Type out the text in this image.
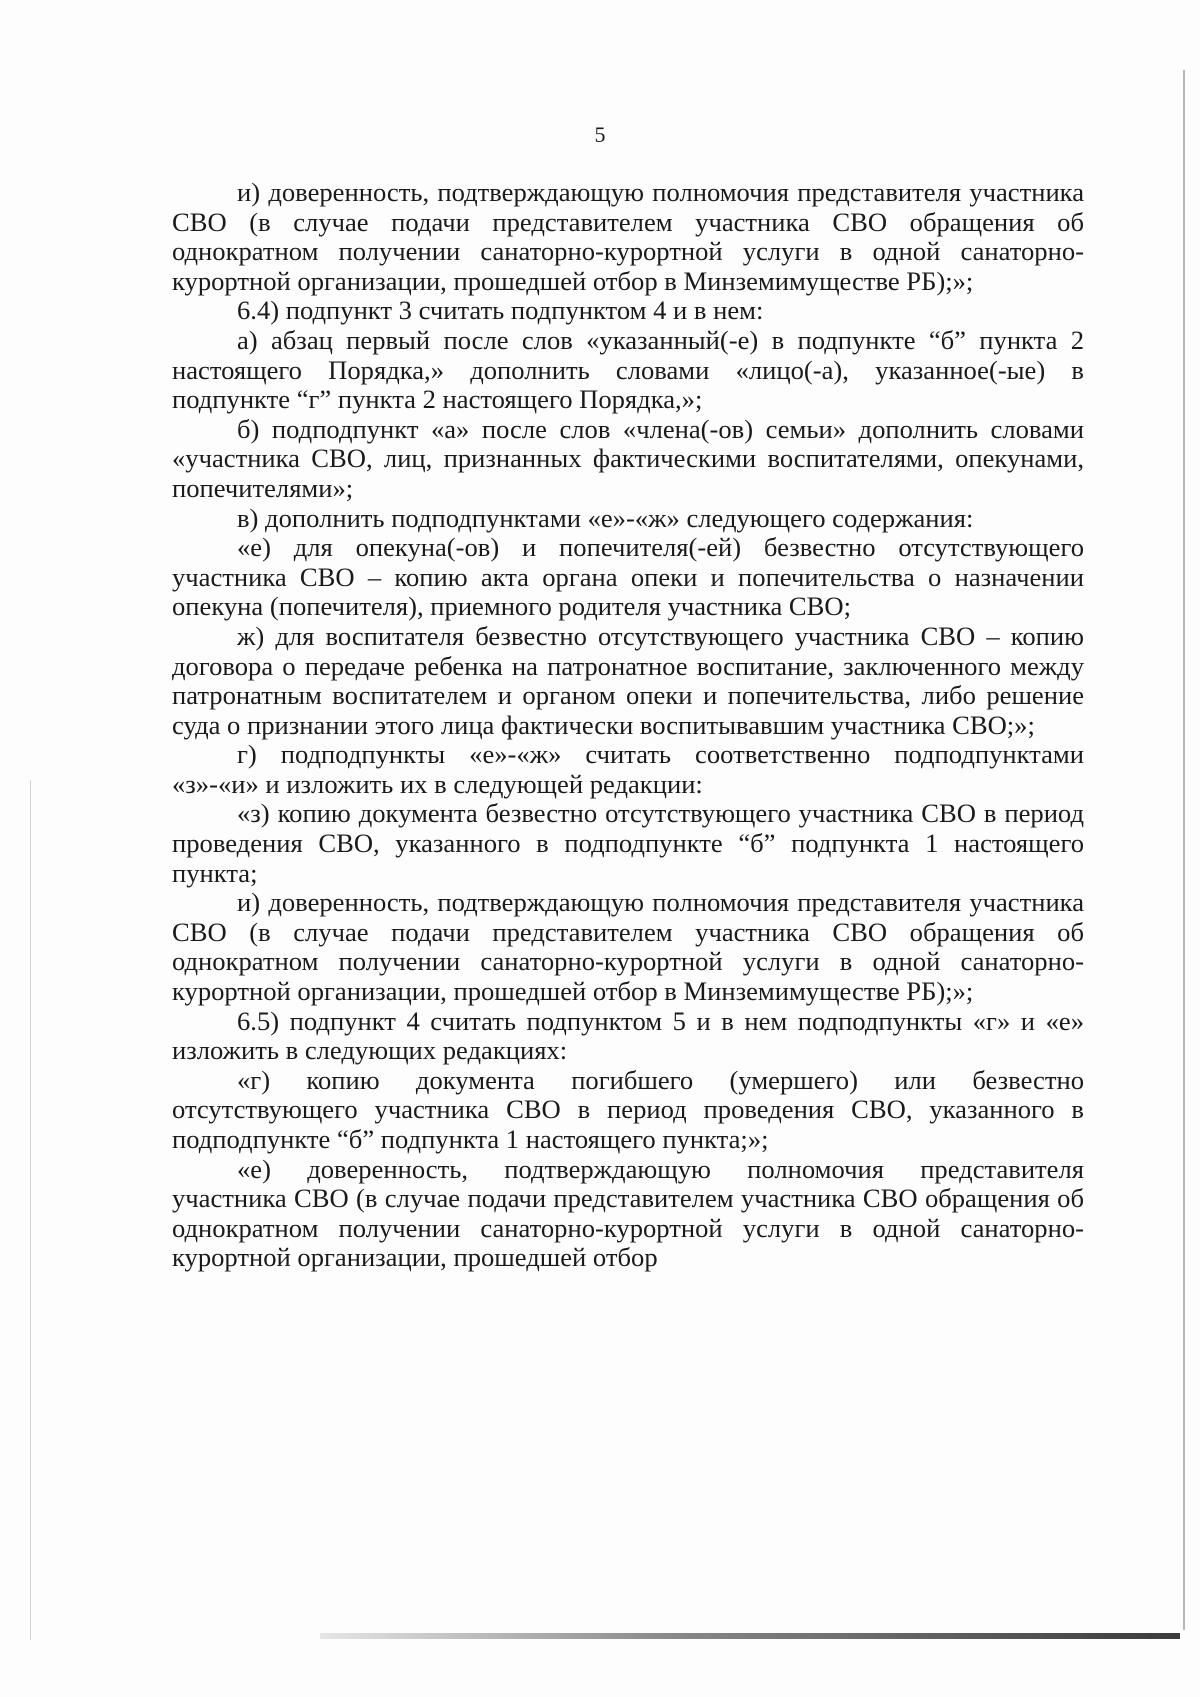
5

и) доверенность, подтверждающую полномочия представителя участника СВО (в случае подачи представителем участника СВО обращения об однократном получении санаторно-курортной услуги в одной санаторно-курортной организации, прошедшей отбор в Минземимуществе РБ);»;

6.4) подпункт 3 считать подпунктом 4 и в нем:

а) абзац первый после слов «указанный(-е) в подпункте “б” пункта 2 настоящего Порядка,» дополнить словами «лицо(-а), указанное(-ые) в подпункте “г” пункта 2 настоящего Порядка,»;

б) подподпункт «а» после слов «члена(-ов) семьи» дополнить словами «участника СВО, лиц, признанных фактическими воспитателями, опекунами, попечителями»;

в) дополнить подподпунктами «е»-«ж» следующего содержания:

«е) для опекуна(-ов) и попечителя(-ей) безвестно отсутствующего участника СВО – копию акта органа опеки и попечительства о назначении опекуна (попечителя), приемного родителя участника СВО;

ж) для воспитателя безвестно отсутствующего участника СВО – копию договора о передаче ребенка на патронатное воспитание, заключенного между патронатным воспитателем и органом опеки и попечительства, либо решение суда о признании этого лица фактически воспитывавшим участника СВО;»;

г) подподпункты «е»-«ж» считать соответственно подподпунктами «з»-«и» и изложить их в следующей редакции:

«з) копию документа безвестно отсутствующего участника СВО в период проведения СВО, указанного в подподпункте “б” подпункта 1 настоящего пункта;

и) доверенность, подтверждающую полномочия представителя участника СВО (в случае подачи представителем участника СВО обращения об однократном получении санаторно-курортной услуги в одной санаторно-курортной организации, прошедшей отбор в Минземимуществе РБ);»;

6.5) подпункт 4 считать подпунктом 5 и в нем подподпункты «г» и «е» изложить в следующих редакциях:

«г) копию документа погибшего (умершего) или безвестно отсутствующего участника СВО в период проведения СВО, указанного в подподпункте “б” подпункта 1 настоящего пункта;»;

«е) доверенность, подтверждающую полномочия представителя участника СВО (в случае подачи представителем участника СВО обращения об однократном получении санаторно-курортной услуги в одной санаторно-курортной организации, прошедшей отбор
